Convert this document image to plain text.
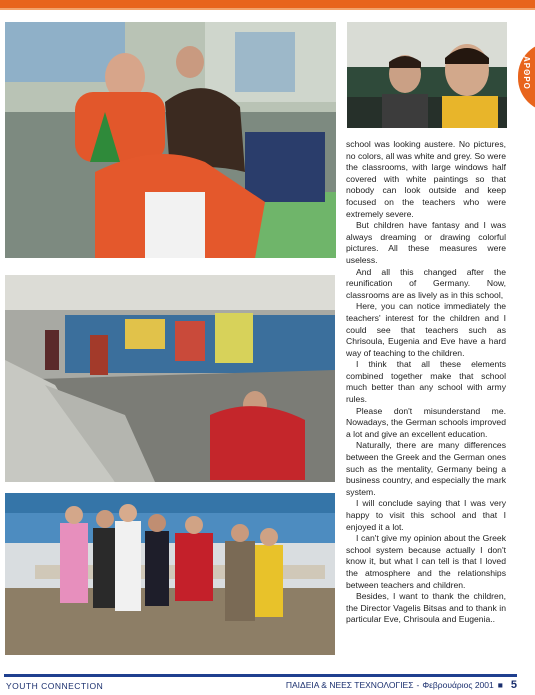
ΑΡΘΡΟ

school was looking austere. No pictures, no colors, all was white and grey. So were the classrooms, with large windows half covered with white paintings so that nobody can look outside and keep focused on the teachers who were extremely severe.

But children have fantasy and I was always dreaming or drawing colorful pictures. All these measures were useless.

And all this changed after the reunification of Germany. Now, classrooms are as lively as in this school,

Here, you can notice immediately the teachers' interest for the children and I could see that teachers such as Chrisoula, Eugenia and Eve have a hard way of teaching to the children.

I think that all these elements combined together make that school much better than any school with army rules.

Please don't misunderstand me. Nowadays, the German schools improved a lot and give an excellent education.

Naturally, there are many differences between the Greek and the German ones such as the mentality, Germany being a business country, and especially the mark system.

I will conclude saying that I was very happy to visit this school and that I enjoyed it a lot.

I can't give my opinion about the Greek school system because actually I don't know it, but what I can tell is that I loved the atmosphere and the relationships between teachers and children.

Besides, I want to thank the children, the Director Vagelis Bitsas and to thank in particular Eve, Chrisoula and Eugenia..

YOUTH CONNECTION	ΠΑΙΔΕΙΑ & ΝΕΕΣ ΤΕΧΝΟΛΟΓΙΕΣ - Φεβρουάριος 2001 ■ 5
